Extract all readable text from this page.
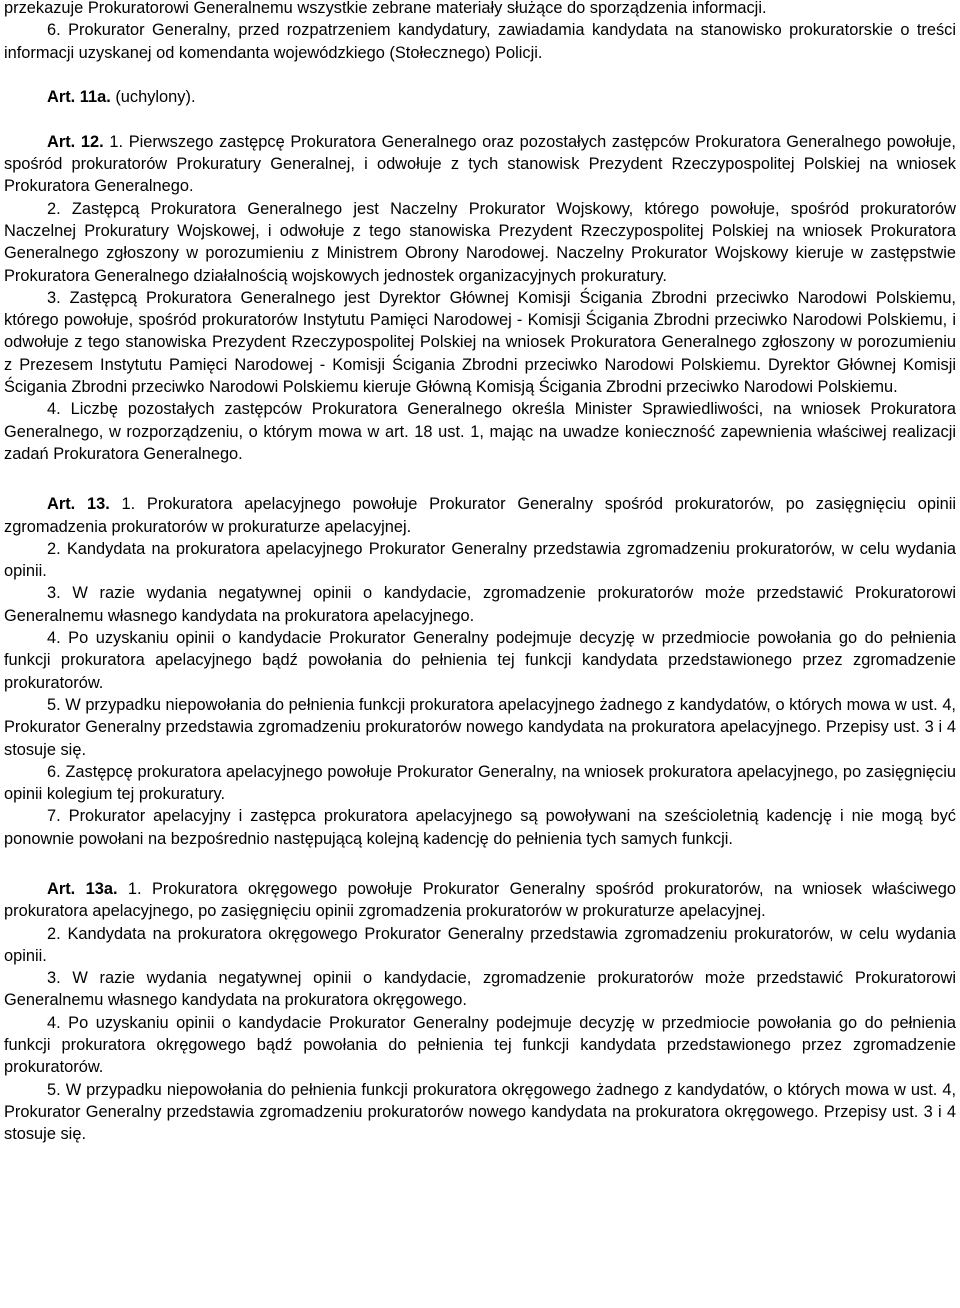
przekazuje Prokuratorowi Generalnemu wszystkie zebrane materiały służące do sporządzenia informacji.

6. Prokurator Generalny, przed rozpatrzeniem kandydatury, zawiadamia kandydata na stanowisko prokuratorskie o treści informacji uzyskanej od komendanta wojewódzkiego (Stołecznego) Policji.

Art. 11a. (uchylony).

Art. 12. 1. Pierwszego zastępcę Prokuratora Generalnego oraz pozostałych zastępców Prokuratora Generalnego powołuje, spośród prokuratorów Prokuratury Generalnej, i odwołuje z tych stanowisk Prezydent Rzeczypospolitej Polskiej na wniosek Prokuratora Generalnego.

2. Zastępcą Prokuratora Generalnego jest Naczelny Prokurator Wojskowy, którego powołuje, spośród prokuratorów Naczelnej Prokuratury Wojskowej, i odwołuje z tego stanowiska Prezydent Rzeczypospolitej Polskiej na wniosek Prokuratora Generalnego zgłoszony w porozumieniu z Ministrem Obrony Narodowej. Naczelny Prokurator Wojskowy kieruje w zastępstwie Prokuratora Generalnego działalnością wojskowych jednostek organizacyjnych prokuratury.

3. Zastępcą Prokuratora Generalnego jest Dyrektor Głównej Komisji Ścigania Zbrodni przeciwko Narodowi Polskiemu, którego powołuje, spośród prokuratorów Instytutu Pamięci Narodowej - Komisji Ścigania Zbrodni przeciwko Narodowi Polskiemu, i odwołuje z tego stanowiska Prezydent Rzeczypospolitej Polskiej na wniosek Prokuratora Generalnego zgłoszony w porozumieniu z Prezesem Instytutu Pamięci Narodowej - Komisji Ścigania Zbrodni przeciwko Narodowi Polskiemu. Dyrektor Głównej Komisji Ścigania Zbrodni przeciwko Narodowi Polskiemu kieruje Główną Komisją Ścigania Zbrodni przeciwko Narodowi Polskiemu.

4. Liczbę pozostałych zastępców Prokuratora Generalnego określa Minister Sprawiedliwości, na wniosek Prokuratora Generalnego, w rozporządzeniu, o którym mowa w art. 18 ust. 1, mając na uwadze konieczność zapewnienia właściwej realizacji zadań Prokuratora Generalnego.

Art. 13. 1. Prokuratora apelacyjnego powołuje Prokurator Generalny spośród prokuratorów, po zasięgnięciu opinii zgromadzenia prokuratorów w prokuraturze apelacyjnej.

2. Kandydata na prokuratora apelacyjnego Prokurator Generalny przedstawia zgromadzeniu prokuratorów, w celu wydania opinii.

3. W razie wydania negatywnej opinii o kandydacie, zgromadzenie prokuratorów może przedstawić Prokuratorowi Generalnemu własnego kandydata na prokuratora apelacyjnego.

4. Po uzyskaniu opinii o kandydacie Prokurator Generalny podejmuje decyzję w przedmiocie powołania go do pełnienia funkcji prokuratora apelacyjnego bądź powołania do pełnienia tej funkcji kandydata przedstawionego przez zgromadzenie prokuratorów.

5. W przypadku niepowołania do pełnienia funkcji prokuratora apelacyjnego żadnego z kandydatów, o których mowa w ust. 4, Prokurator Generalny przedstawia zgromadzeniu prokuratorów nowego kandydata na prokuratora apelacyjnego. Przepisy ust. 3 i 4 stosuje się.

6. Zastępcę prokuratora apelacyjnego powołuje Prokurator Generalny, na wniosek prokuratora apelacyjnego, po zasięgnięciu opinii kolegium tej prokuratury.

7. Prokurator apelacyjny i zastępca prokuratora apelacyjnego są powoływani na sześcioletnią kadencję i nie mogą być ponownie powołani na bezpośrednio następującą kolejną kadencję do pełnienia tych samych funkcji.

Art. 13a. 1. Prokuratora okręgowego powołuje Prokurator Generalny spośród prokuratorów, na wniosek właściwego prokuratora apelacyjnego, po zasięgnięciu opinii zgromadzenia prokuratorów w prokuraturze apelacyjnej.

2. Kandydata na prokuratora okręgowego Prokurator Generalny przedstawia zgromadzeniu prokuratorów, w celu wydania opinii.

3. W razie wydania negatywnej opinii o kandydacie, zgromadzenie prokuratorów może przedstawić Prokuratorowi Generalnemu własnego kandydata na prokuratora okręgowego.

4. Po uzyskaniu opinii o kandydacie Prokurator Generalny podejmuje decyzję w przedmiocie powołania go do pełnienia funkcji prokuratora okręgowego bądź powołania do pełnienia tej funkcji kandydata przedstawionego przez zgromadzenie prokuratorów.

5. W przypadku niepowołania do pełnienia funkcji prokuratora okręgowego żadnego z kandydatów, o których mowa w ust. 4, Prokurator Generalny przedstawia zgromadzeniu prokuratorów nowego kandydata na prokuratora okręgowego. Przepisy ust. 3 i 4 stosuje się.
